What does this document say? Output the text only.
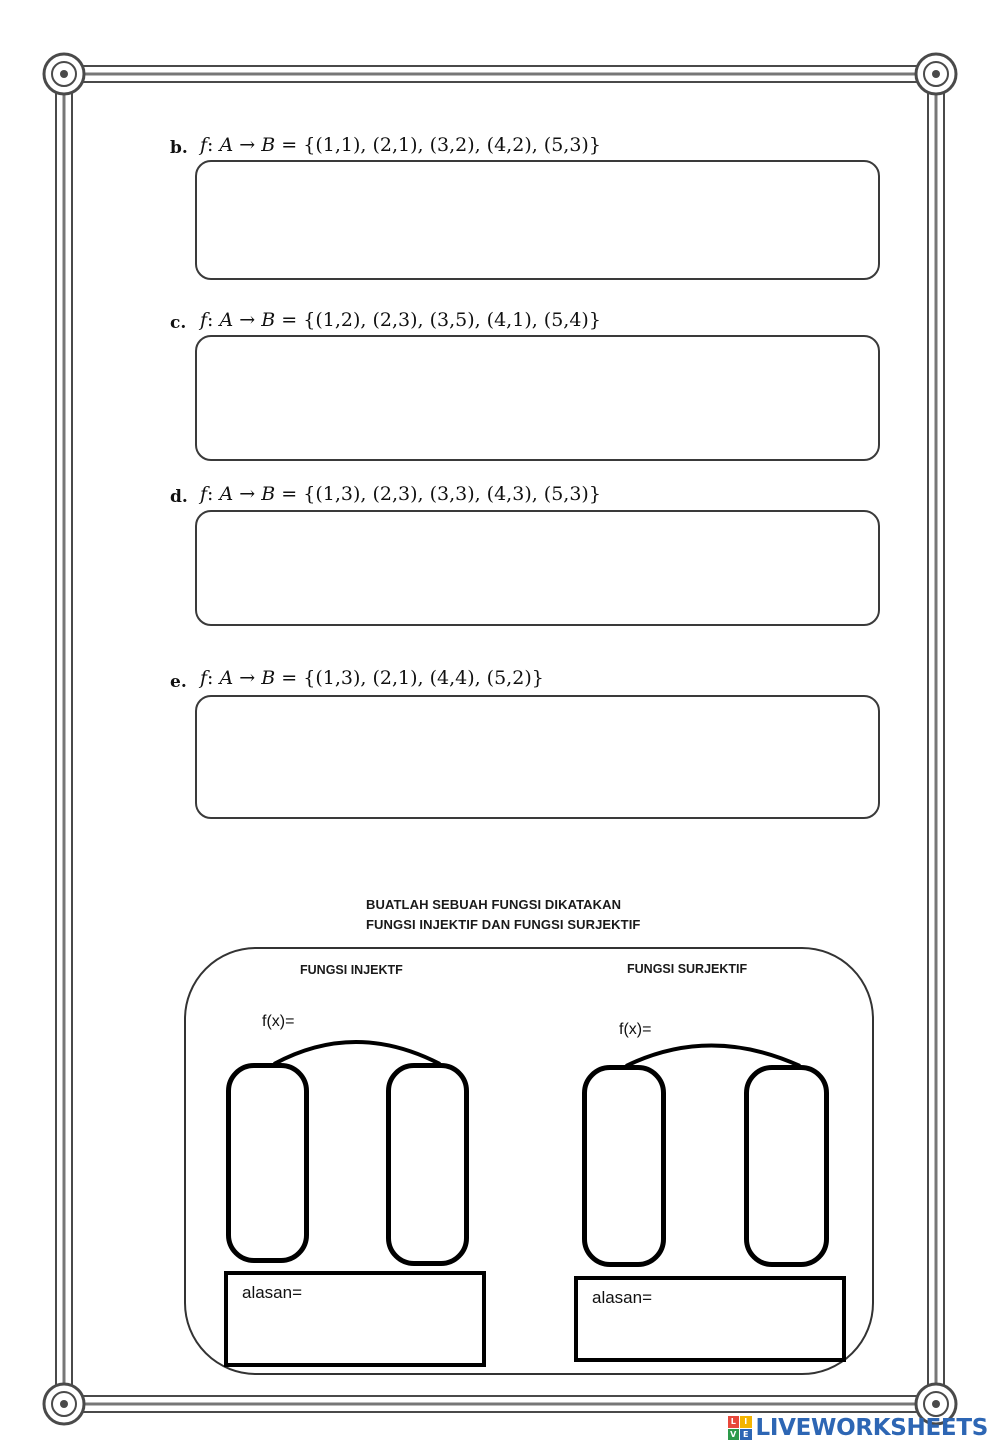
b. f: A → B = {(1,1), (2,1), (3,2), (4,2), (5,3)}
c. f: A → B = {(1,2), (2,3), (3,5), (4,1), (5,4)}
d. f: A → B = {(1,3), (2,3), (3,3), (4,3), (5,3)}
e. f: A → B = {(1,3), (2,1), (4,4), (5,2)}
BUATLAH SEBUAH FUNGSI DIKATAKAN
FUNGSI INJEKTIF DAN FUNGSI SURJEKTIF
FUNGSI INJEKTF
f(x)=
alasan=
FUNGSI SURJEKTIF
f(x)=
alasan=
L	I
V E LIVEWORKSHEETS
